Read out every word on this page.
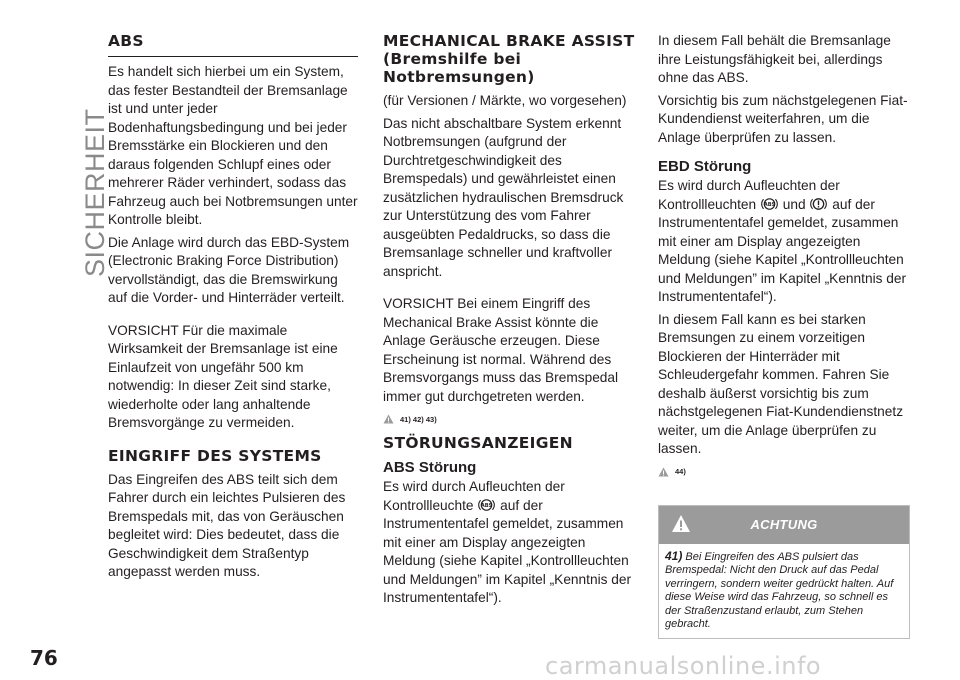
SICHERHEIT
ABS

Es handelt sich hierbei um ein System, das fester Bestandteil der Bremsanlage ist und unter jeder Bodenhaftungsbedingung und bei jeder Bremsstärke ein Blockieren und den daraus folgenden Schlupf eines oder mehrerer Räder verhindert, sodass das Fahrzeug auch bei Notbremsungen unter Kontrolle bleibt.

Die Anlage wird durch das EBD-System (Electronic Braking Force Distribution) vervollständigt, das die Bremswirkung auf die Vorder- und Hinterräder verteilt.

VORSICHT Für die maximale Wirksamkeit der Bremsanlage ist eine Einlaufzeit von ungefähr 500 km notwendig: In dieser Zeit sind starke, wiederholte oder lang anhaltende Bremsvorgänge zu vermeiden.

EINGRIFF DES SYSTEMS

Das Eingreifen des ABS teilt sich dem Fahrer durch ein leichtes Pulsieren des Bremspedals mit, das von Geräuschen begleitet wird: Dies bedeutet, dass die Geschwindigkeit dem Straßentyp angepasst werden muss.

MECHANICAL BRAKE ASSIST (Bremshilfe bei Notbremsungen)

(für Versionen / Märkte, wo vorgesehen)

Das nicht abschaltbare System erkennt Notbremsungen (aufgrund der Durchtretgeschwindigkeit des Bremspedals) und gewährleistet einen zusätzlichen hydraulischen Bremsdruck zur Unterstützung des vom Fahrer ausgeübten Pedaldrucks, so dass die Bremsanlage schneller und kraftvoller anspricht.

VORSICHT Bei einem Eingriff des Mechanical Brake Assist könnte die Anlage Geräusche erzeugen. Diese Erscheinung ist normal. Während des Bremsvorgangs muss das Bremspedal immer gut durchgetreten werden.

41) 42) 43)
STÖRUNGSANZEIGEN
ABS Störung

Es wird durch Aufleuchten der Kontrollleuchte ABS auf der Instrumententafel gemeldet, zusammen mit einer am Display angezeigten Meldung (siehe Kapitel „Kontrollleuchten und Meldungen” im Kapitel „Kenntnis der Instrumententafel“).

In diesem Fall behält die Bremsanlage ihre Leistungsfähigkeit bei, allerdings ohne das ABS.

Vorsichtig bis zum nächstgelegenen Fiat-Kundendienst weiterfahren, um die Anlage überprüfen zu lassen.

EBD Störung

Es wird durch Aufleuchten der Kontrollleuchten ABS und auf der Instrumententafel gemeldet, zusammen mit einer am Display angezeigten Meldung (siehe Kapitel „Kontrollleuchten und Meldungen” im Kapitel „Kenntnis der Instrumententafel“).

In diesem Fall kann es bei starken Bremsungen zu einem vorzeitigen Blockieren der Hinterräder mit Schleudergefahr kommen. Fahren Sie deshalb äußerst vorsichtig bis zum nächstgelegenen Fiat-Kundendienstnetz weiter, um die Anlage überprüfen zu lassen.

44)
ACHTUNG
41) Bei Eingreifen des ABS pulsiert das Bremspedal: Nicht den Druck auf das Pedal verringern, sondern weiter gedrückt halten. Auf diese Weise wird das Fahrzeug, so schnell es der Straßenzustand erlaubt, zum Stehen gebracht.
76	carmanualsonline.info
